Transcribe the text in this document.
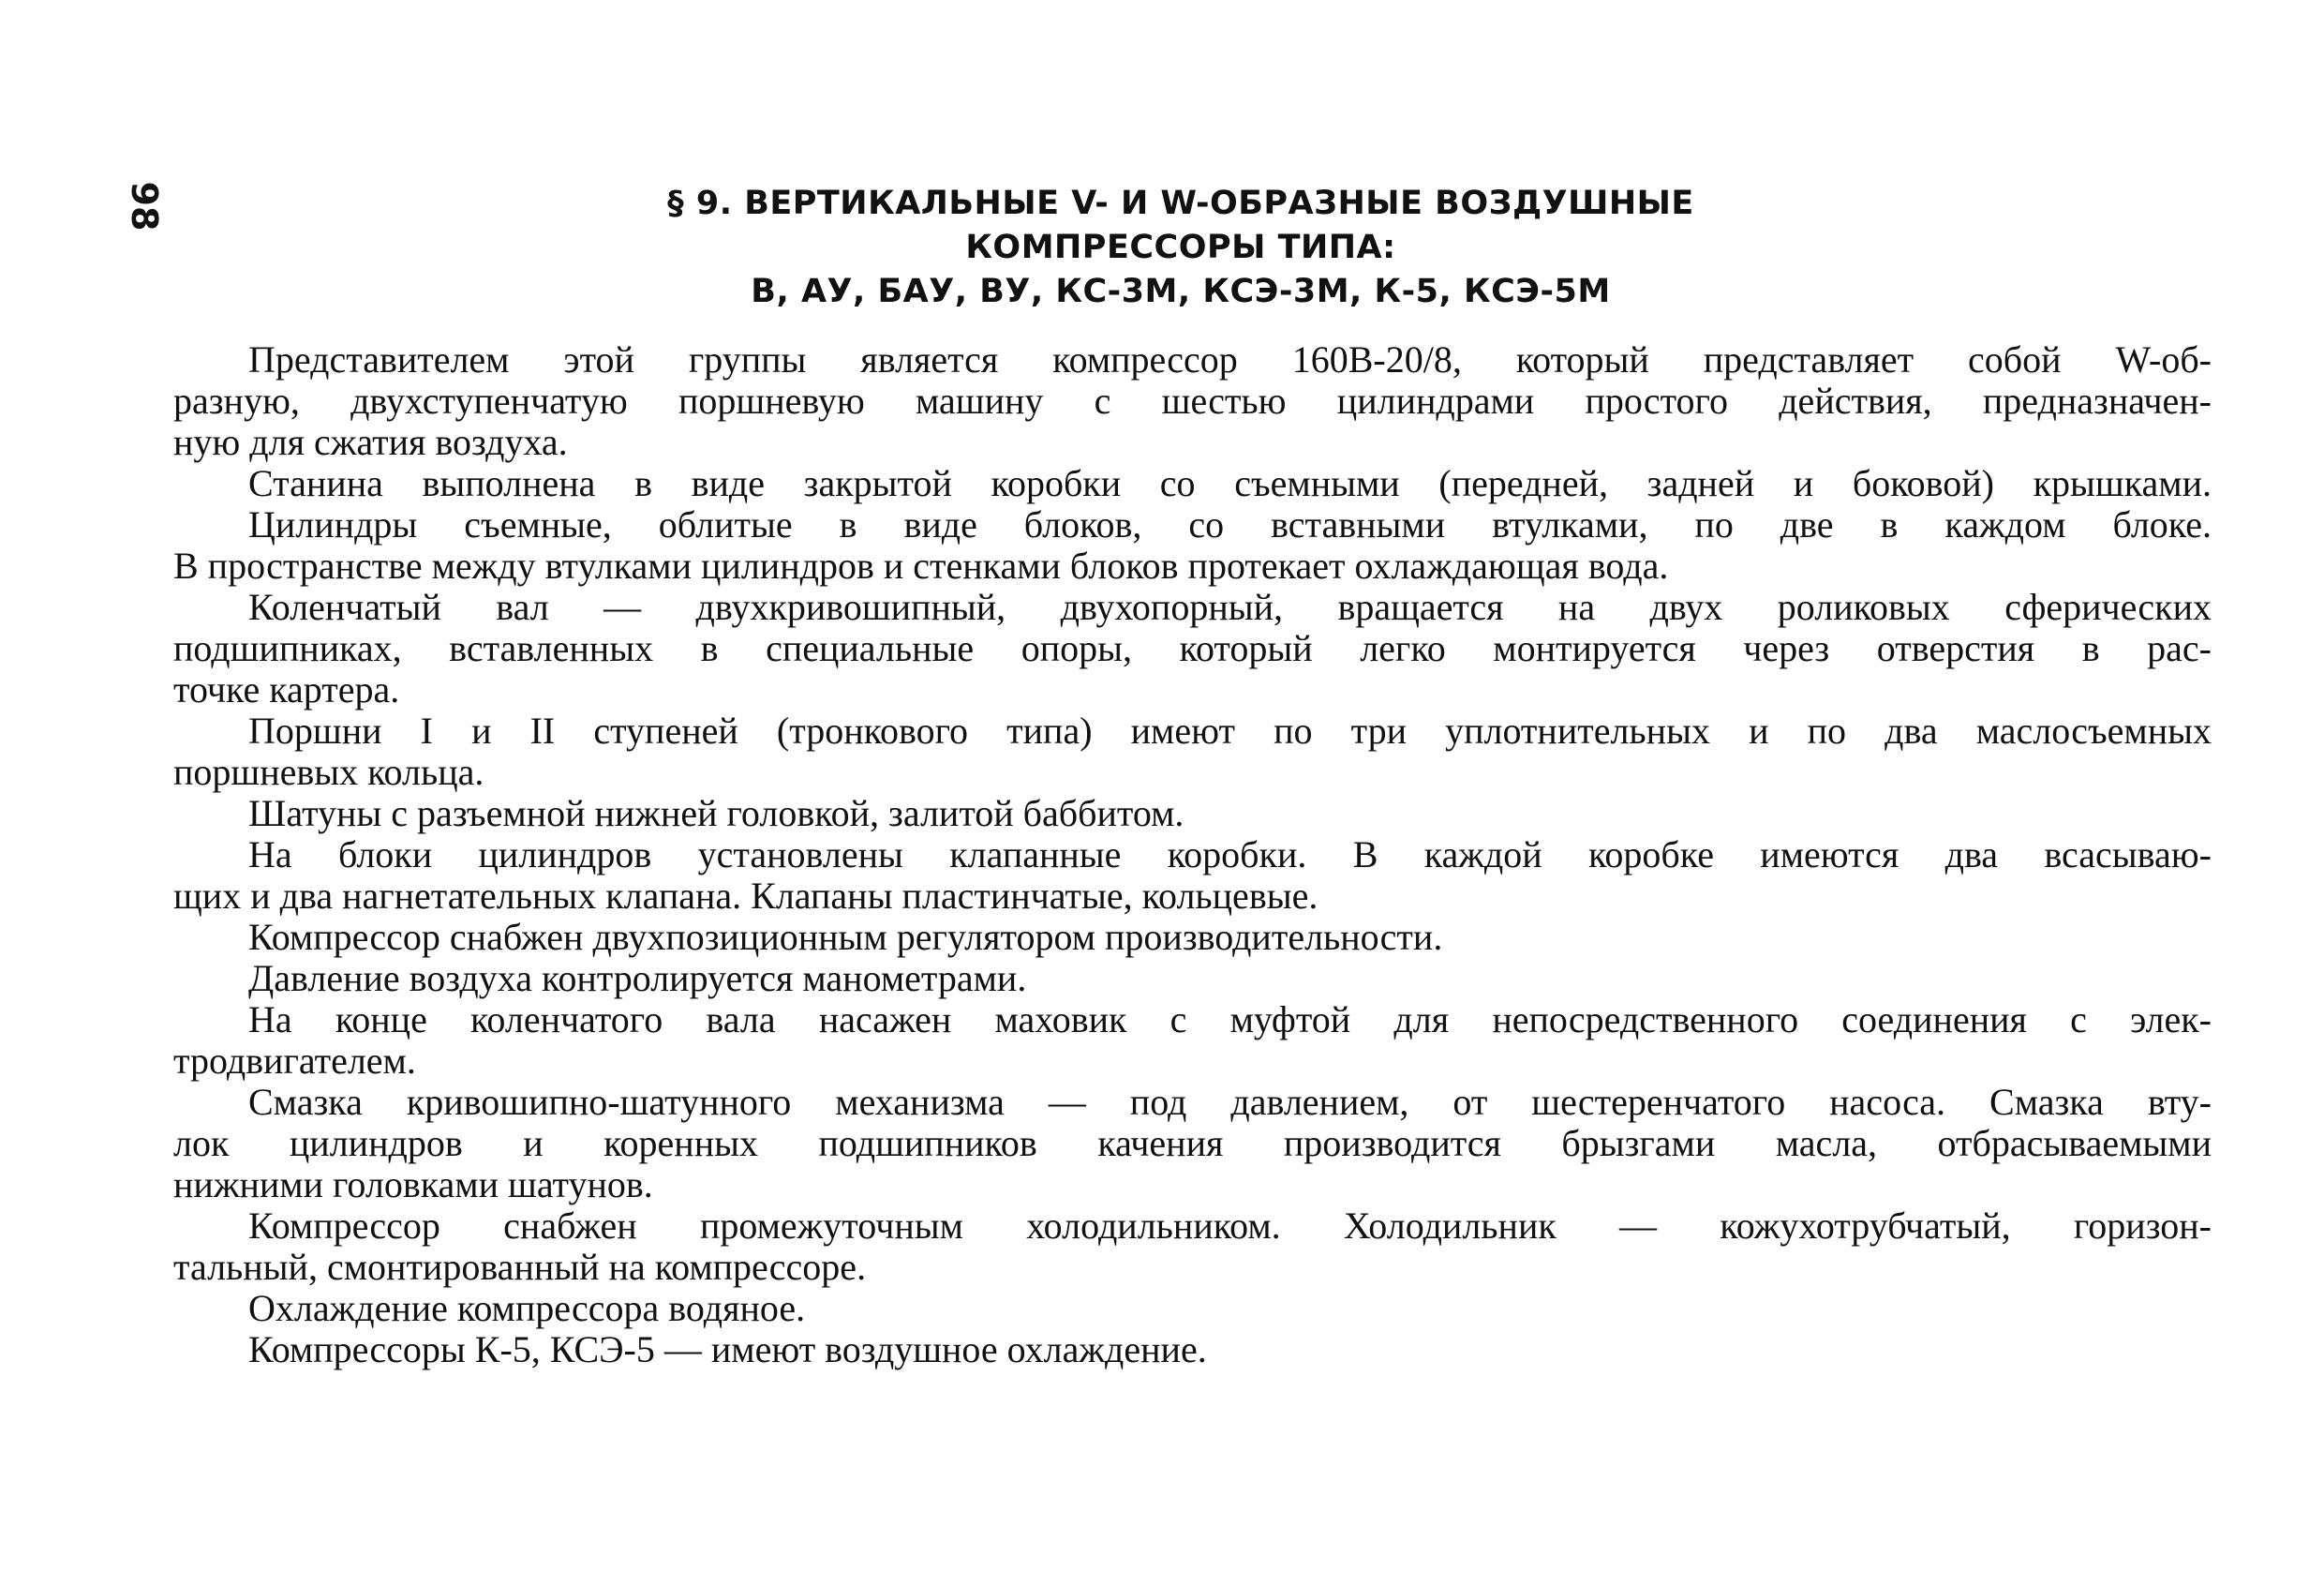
98	§ 9. ВЕРТИКАЛЬНЫЕ V- И W-ОБРАЗНЫЕ ВОЗДУШНЫЕ
КОМПРЕССОРЫ ТИПА:
В, АУ, БАУ, ВУ, КС-3М, КСЭ-3М, К-5, КСЭ-5М
Представителем этой группы является компрессор 160В-20/8, который представляет собой W-об-
разную, двухступенчатую поршневую машину с шестью цилиндрами простого действия, предназначен-
ную для сжатия воздуха.
Станина выполнена в виде закрытой коробки со съемными (передней, задней и боковой) крышками.
Цилиндры съемные, облитые в виде блоков, со вставными втулками, по две в каждом блоке.
В пространстве между втулками цилиндров и стенками блоков протекает охлаждающая вода.
Коленчатый вал — двухкривошипный, двухопорный, вращается на двух роликовых сферических
подшипниках, вставленных в специальные опоры, который легко монтируется через отверстия в рас-
точке картера.
Поршни I и II ступеней (тронкового типа) имеют по три уплотнительных и по два маслосъемных
поршневых кольца.
Шатуны с разъемной нижней головкой, залитой баббитом.
На блоки цилиндров установлены клапанные коробки. В каждой коробке имеются два всасываю-
щих и два нагнетательных клапана. Клапаны пластинчатые, кольцевые.
Компрессор снабжен двухпозиционным регулятором производительности.
Давление воздуха контролируется манометрами.
На конце коленчатого вала насажен маховик с муфтой для непосредственного соединения с элек-
тродвигателем.
Смазка кривошипно-шатунного механизма — под давлением, от шестеренчатого насоса. Смазка вту-
лок цилиндров и коренных подшипников качения производится брызгами масла, отбрасываемыми
нижними головками шатунов.
Компрессор снабжен промежуточным холодильником. Холодильник — кожухотрубчатый, горизон-
тальный, смонтированный на компрессоре.
Охлаждение компрессора водяное.
Компрессоры К-5, КСЭ-5 — имеют воздушное охлаждение.
